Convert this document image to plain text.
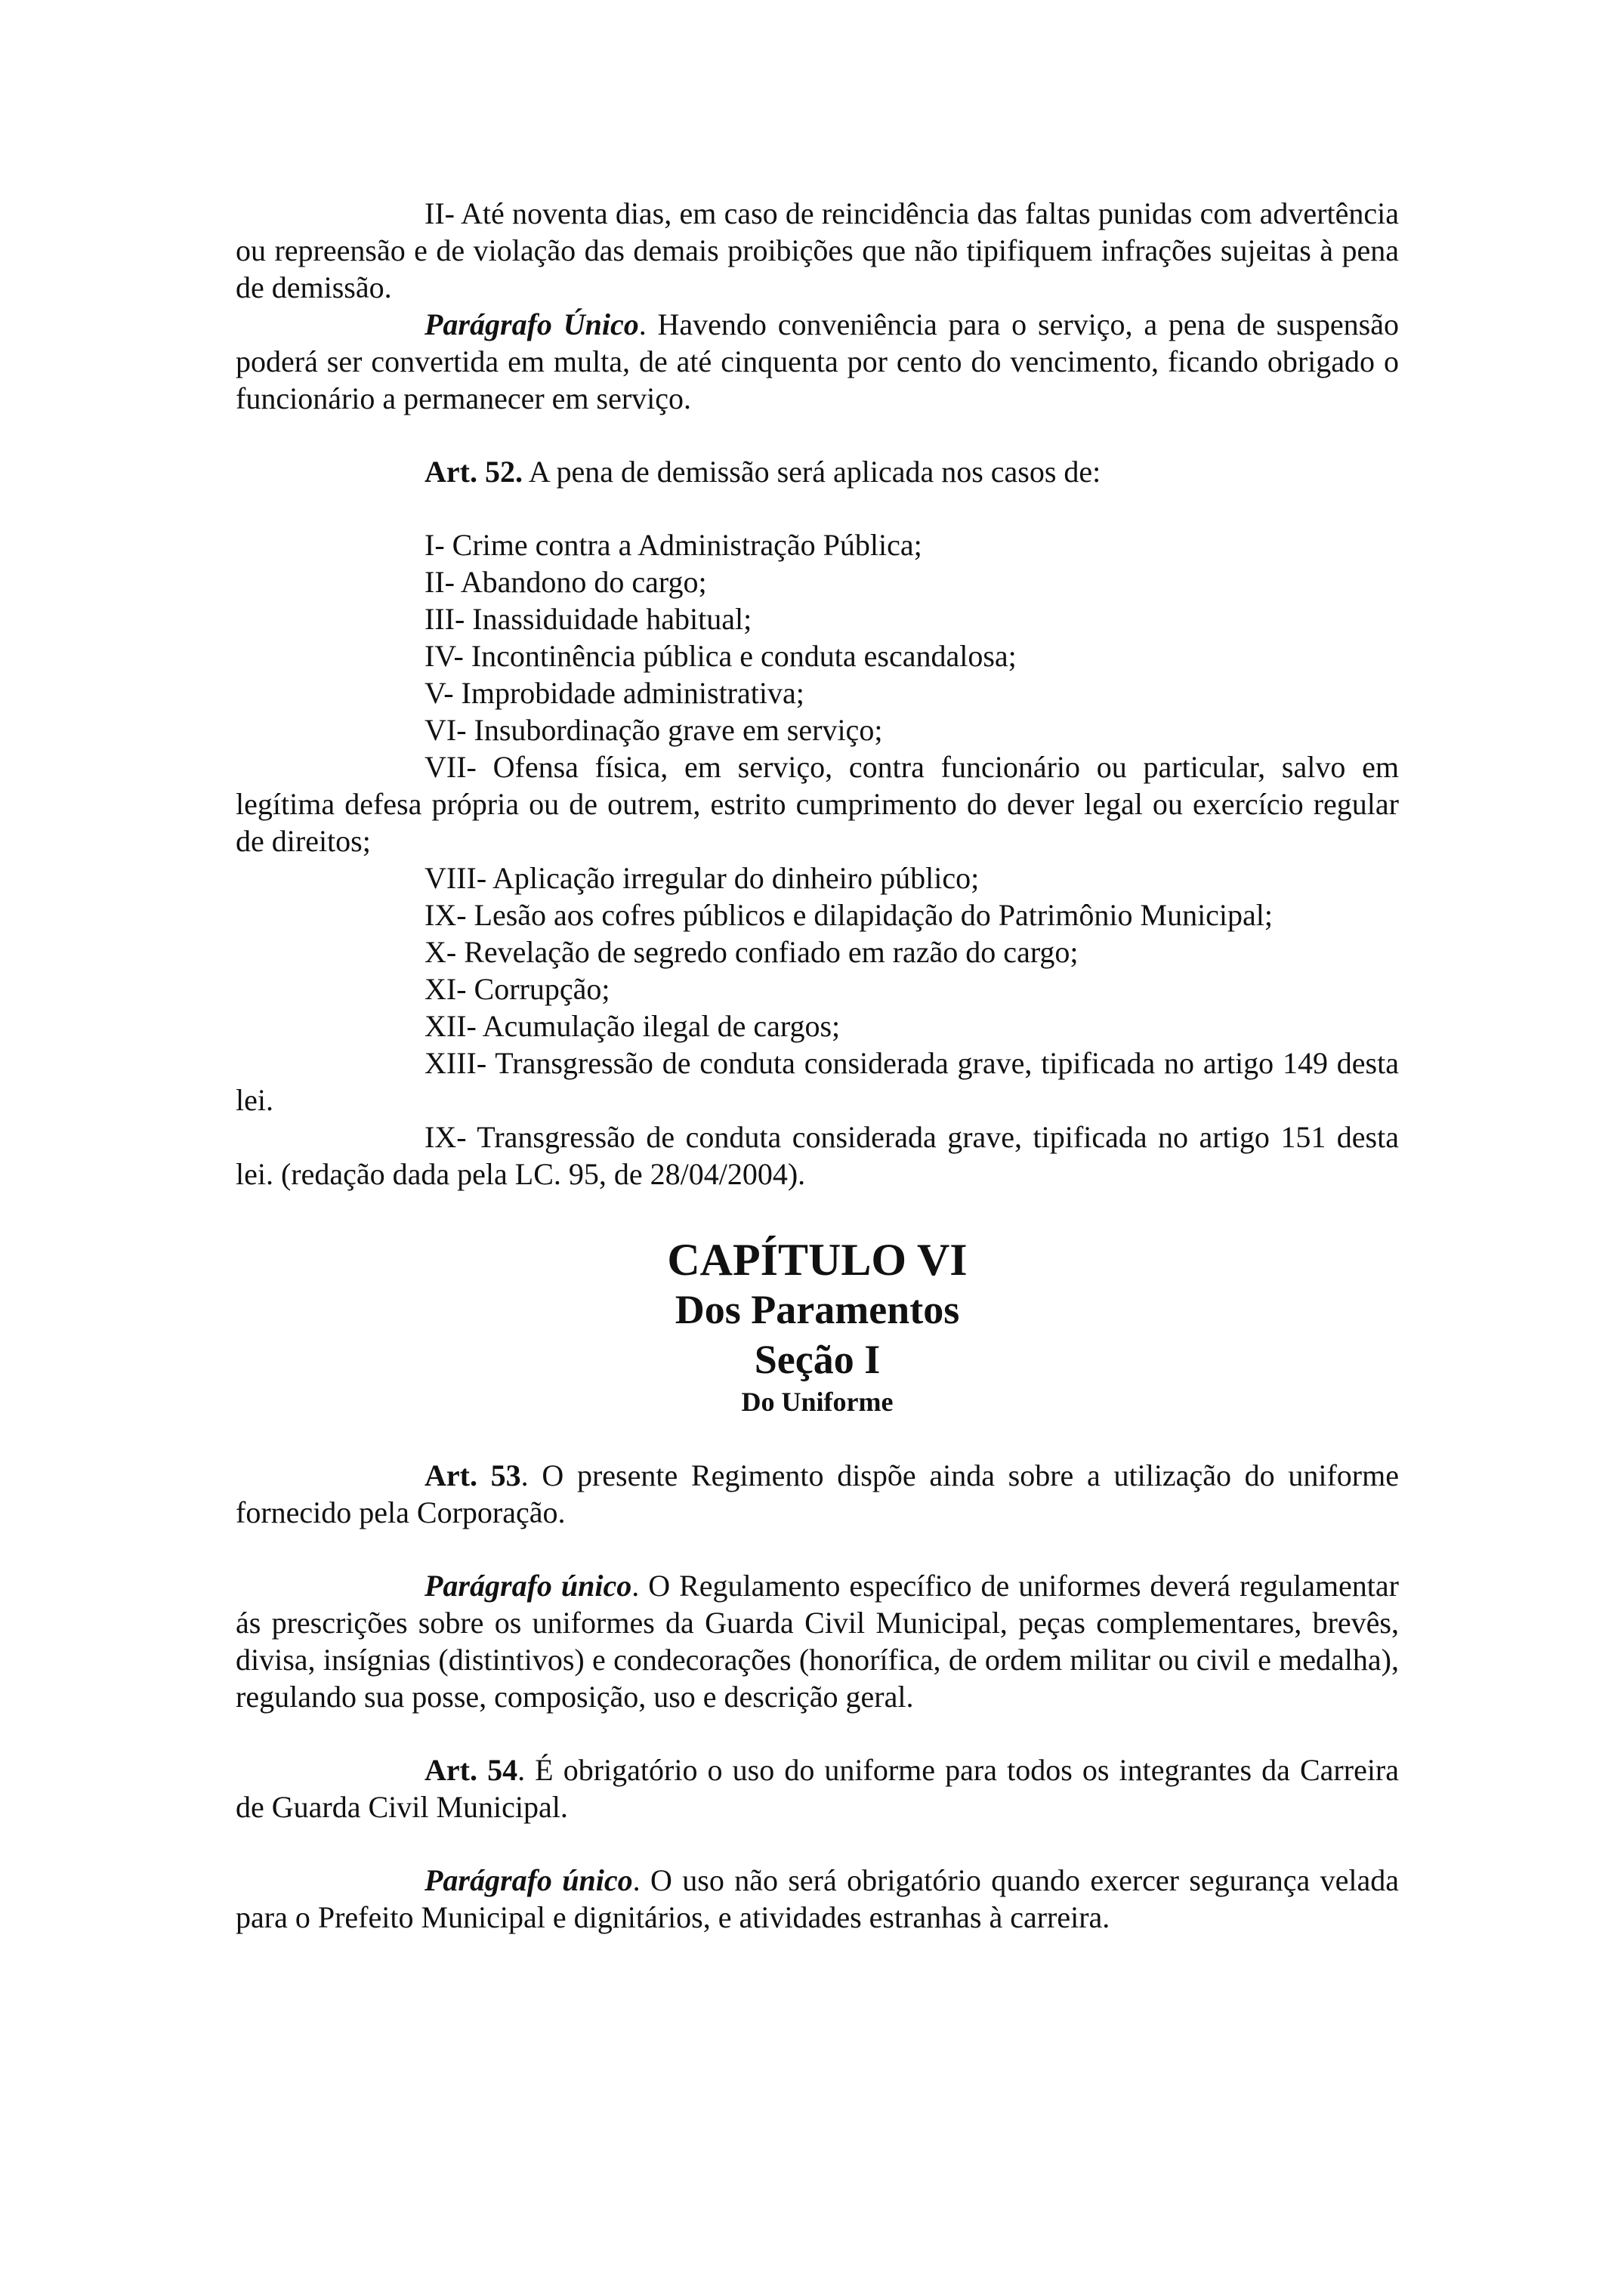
II- Até noventa dias, em caso de reincidência das faltas punidas com advertência ou repreensão e de violação das demais proibições que não tipifiquem infrações sujeitas à pena de demissão.

Parágrafo Único. Havendo conveniência para o serviço, a pena de suspensão poderá ser convertida em multa, de até cinquenta por cento do vencimento, ficando obrigado o funcionário a permanecer em serviço.

Art. 52. A pena de demissão será aplicada nos casos de:

I- Crime contra a Administração Pública;

II- Abandono do cargo;

III- Inassiduidade habitual;

IV- Incontinência pública e conduta escandalosa;

V- Improbidade administrativa;

VI- Insubordinação grave em serviço;

VII- Ofensa física, em serviço, contra funcionário ou particular, salvo em legítima defesa própria ou de outrem, estrito cumprimento do dever legal ou exercício regular de direitos;

VIII- Aplicação irregular do dinheiro público;

IX- Lesão aos cofres públicos e dilapidação do Patrimônio Municipal;

X- Revelação de segredo confiado em razão do cargo;

XI- Corrupção;

XII- Acumulação ilegal de cargos;

XIII- Transgressão de conduta considerada grave, tipificada no artigo 149 desta lei.

IX- Transgressão de conduta considerada grave, tipificada no artigo 151 desta lei. (redação dada pela LC. 95, de 28/04/2004).

CAPÍTULO VI

Dos Paramentos

Seção I

Do Uniforme

Art. 53. O presente Regimento dispõe ainda sobre a utilização do uniforme fornecido pela Corporação.

Parágrafo único. O Regulamento específico de uniformes deverá regulamentar ás prescrições sobre os uniformes da Guarda Civil Municipal, peças complementares, brevês, divisa, insígnias (distintivos) e condecorações (honorífica, de ordem militar ou civil e medalha), regulando sua posse, composição, uso e descrição geral.

Art. 54. É obrigatório o uso do uniforme para todos os integrantes da Carreira de Guarda Civil Municipal.

Parágrafo único. O uso não será obrigatório quando exercer segurança velada para o Prefeito Municipal e dignitários, e atividades estranhas à carreira.
